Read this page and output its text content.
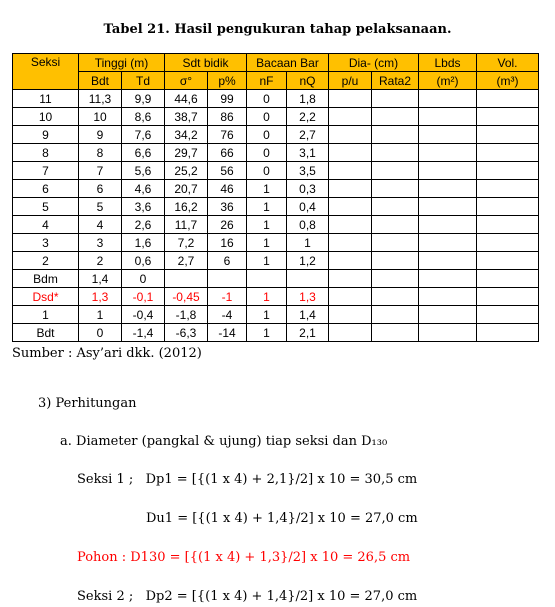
Tabel 21. Hasil pengukuran tahap pelaksanaan.
Seksi	Tinggi (m)		Sdt bidik		Bacaan Bar		Dia- (cm)		Lbds	Vol.
	Bdt	Td	σ°	p%	nF	nQ	p/u	Rata2	(m²)	(m³)
11	11,3	9,9	44,6	99	0	1,8				
10	10	8,6	38,7	86	0	2,2				
9	9	7,6	34,2	76	0	2,7				
8	8	6,6	29,7	66	0	3,1				
7	7	5,6	25,2	56	0	3,5				
6	6	4,6	20,7	46	1	0,3				
5	5	3,6	16,2	36	1	0,4				
4	4	2,6	11,7	26	1	0,8				
3	3	1,6	7,2	16	1	1				
2	2	0,6	2,7	6	1	1,2				
Bdm	1,4	0								
Dsd*	1,3	-0,1	-0,45	-1	1	1,3				
1	1	-0,4	-1,8	-4	1	1,4				
Bdt	0	-1,4	-6,3	-14	1	2,1				
Sumber : Asy’ari dkk. (2012)
3) Perhitungan
a. Diameter (pangkal & ujung) tiap seksi dan D₁₃₀
Seksi 1 ;   Dp1 = [{(1 x 4) + 2,1}/2] x 10 = 30,5 cm
Du1 = [{(1 x 4) + 1,4}/2] x 10 = 27,0 cm
Pohon : D130 = [{(1 x 4) + 1,3}/2] x 10 = 26,5 cm
Seksi 2 ;   Dp2 = [{(1 x 4) + 1,4}/2] x 10 = 27,0 cm
